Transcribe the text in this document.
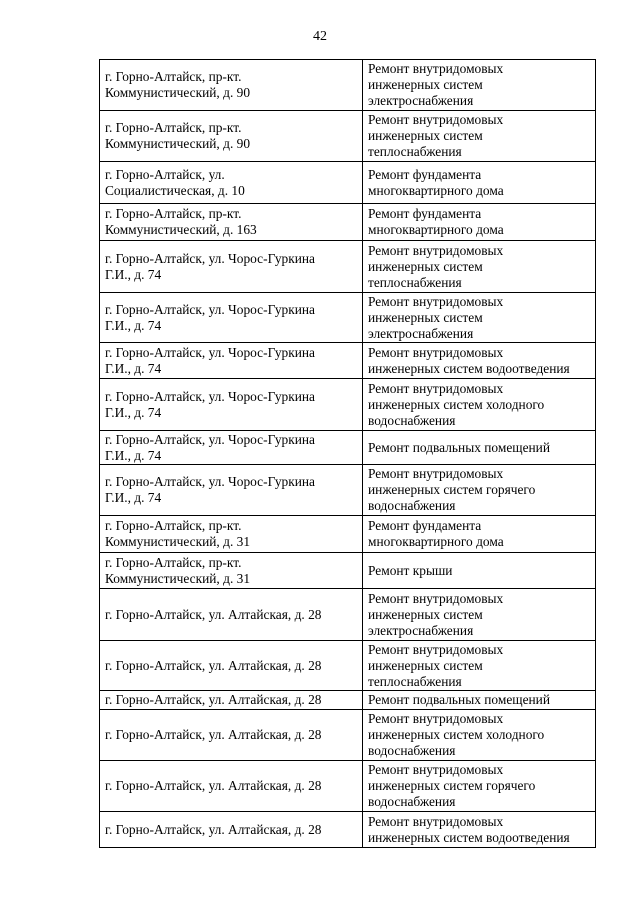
42
г. Горно-Алтайск, пр-кт.
Коммунистический, д. 90	Ремонт внутридомовых
инженерных систем
электроснабжения
г. Горно-Алтайск, пр-кт.
Коммунистический, д. 90	Ремонт внутридомовых
инженерных систем
теплоснабжения
г. Горно-Алтайск, ул.
Социалистическая, д. 10	Ремонт фундамента
многоквартирного дома
г. Горно-Алтайск, пр-кт.
Коммунистический, д. 163	Ремонт фундамента
многоквартирного дома
г. Горно-Алтайск, ул. Чорос-Гуркина
Г.И., д. 74	Ремонт внутридомовых
инженерных систем
теплоснабжения
г. Горно-Алтайск, ул. Чорос-Гуркина
Г.И., д. 74	Ремонт внутридомовых
инженерных систем
электроснабжения
г. Горно-Алтайск, ул. Чорос-Гуркина
Г.И., д. 74	Ремонт внутридомовых
инженерных систем водоотведения
г. Горно-Алтайск, ул. Чорос-Гуркина
Г.И., д. 74	Ремонт внутридомовых
инженерных систем холодного
водоснабжения
г. Горно-Алтайск, ул. Чорос-Гуркина
Г.И., д. 74	Ремонт подвальных помещений
г. Горно-Алтайск, ул. Чорос-Гуркина
Г.И., д. 74	Ремонт внутридомовых
инженерных систем горячего
водоснабжения
г. Горно-Алтайск, пр-кт.
Коммунистический, д. 31	Ремонт фундамента
многоквартирного дома
г. Горно-Алтайск, пр-кт.
Коммунистический, д. 31	Ремонт крыши
г. Горно-Алтайск, ул. Алтайская, д. 28	Ремонт внутридомовых
инженерных систем
электроснабжения
г. Горно-Алтайск, ул. Алтайская, д. 28	Ремонт внутридомовых
инженерных систем
теплоснабжения
г. Горно-Алтайск, ул. Алтайская, д. 28	Ремонт подвальных помещений
г. Горно-Алтайск, ул. Алтайская, д. 28	Ремонт внутридомовых
инженерных систем холодного
водоснабжения
г. Горно-Алтайск, ул. Алтайская, д. 28	Ремонт внутридомовых
инженерных систем горячего
водоснабжения
г. Горно-Алтайск, ул. Алтайская, д. 28	Ремонт внутридомовых
инженерных систем водоотведения
